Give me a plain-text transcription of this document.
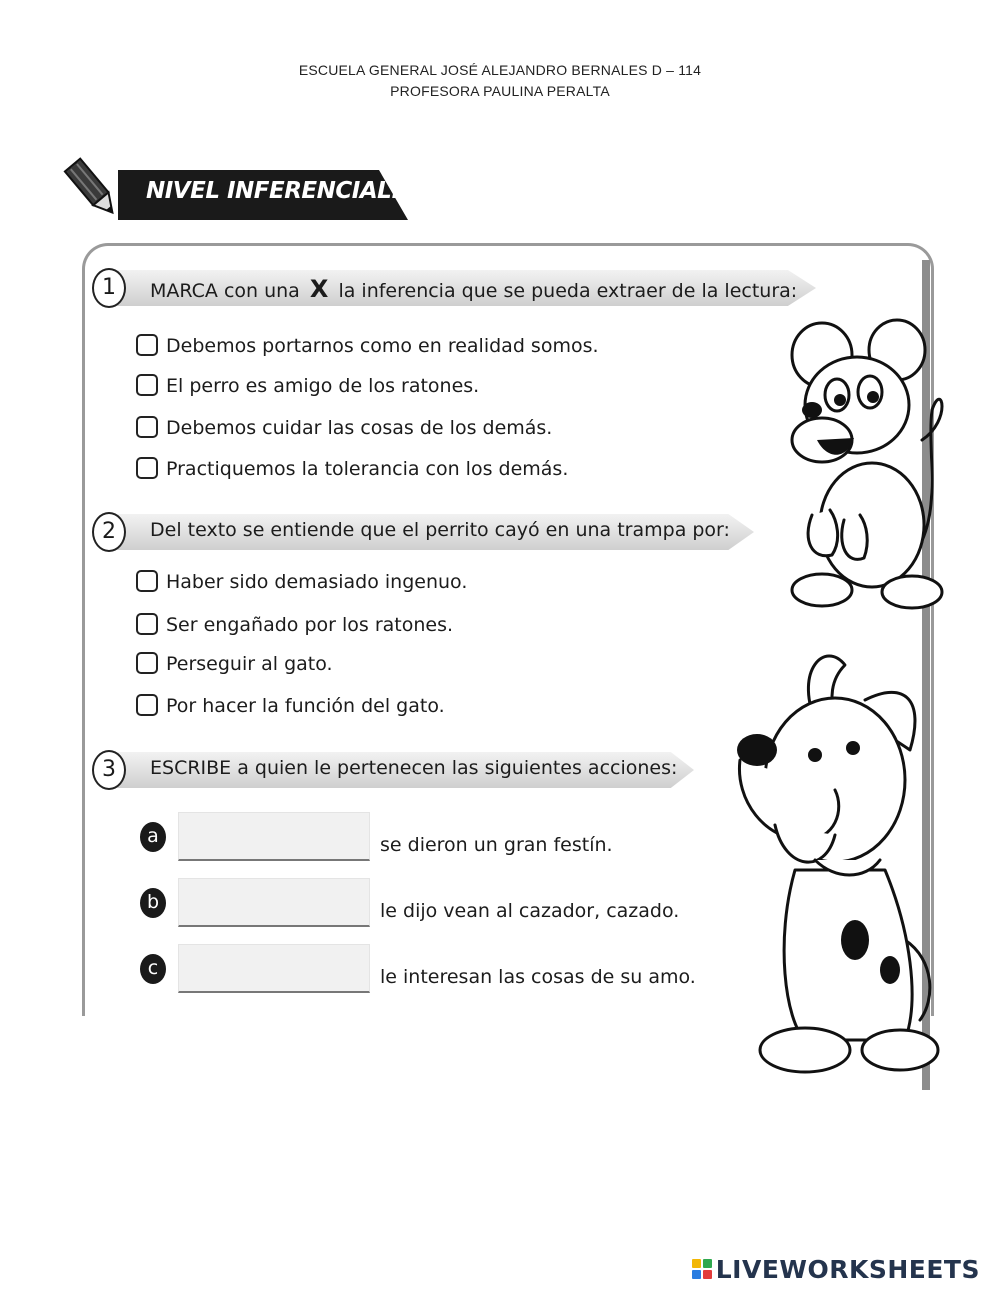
ESCUELA GENERAL JOSÉ ALEJANDRO BERNALES D – 114
PROFESORA PAULINA PERALTA
NIVEL INFERENCIAL:
1	MARCA con una X la inferencia que se pueda extraer de la lectura:
Debemos portarnos como en realidad somos.
El perro es amigo de los ratones.
Debemos cuidar las cosas de los demás.
Practiquemos la tolerancia con los demás.
2	Del texto se entiende que el perrito cayó en una trampa por:
Haber sido demasiado ingenuo.
Ser engañado por los ratones.
Perseguir al gato.
Por hacer la función del gato.
3	ESCRIBE a quien le pertenecen las siguientes acciones:
a	se dieron un gran festín.
b	le dijo vean al cazador, cazado.
c	le interesan las cosas de su amo.
LIVEWORKSHEETS
